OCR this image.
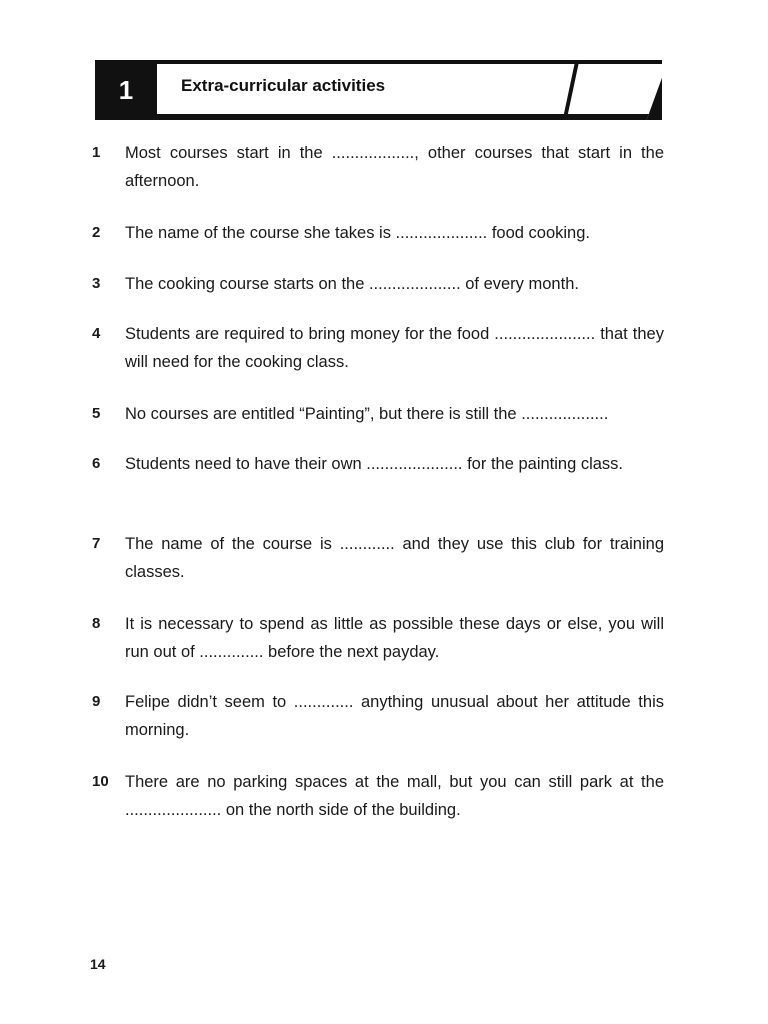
1	Extra-curricular activities
1	Most courses start in the .................., other courses that start in the afternoon.
2	The name of the course she takes is .................... food cooking.
3	The cooking course starts on the .................... of every month.
4	Students are required to bring money for the food ...................... that they will need for the cooking class.
5	No courses are entitled “Painting”, but there is still the ...................
6	Students need to have their own ..................... for the painting class.
7	The name of the course is ............ and they use this club for training classes.
8	It is necessary to spend as little as possible these days or else, you will run out of .............. before the next payday.
9	Felipe didn’t seem to ............. anything unusual about her attitude this morning.
10 There are no parking spaces at the mall, but you can still park at the ..................... on the north side of the building.
14
